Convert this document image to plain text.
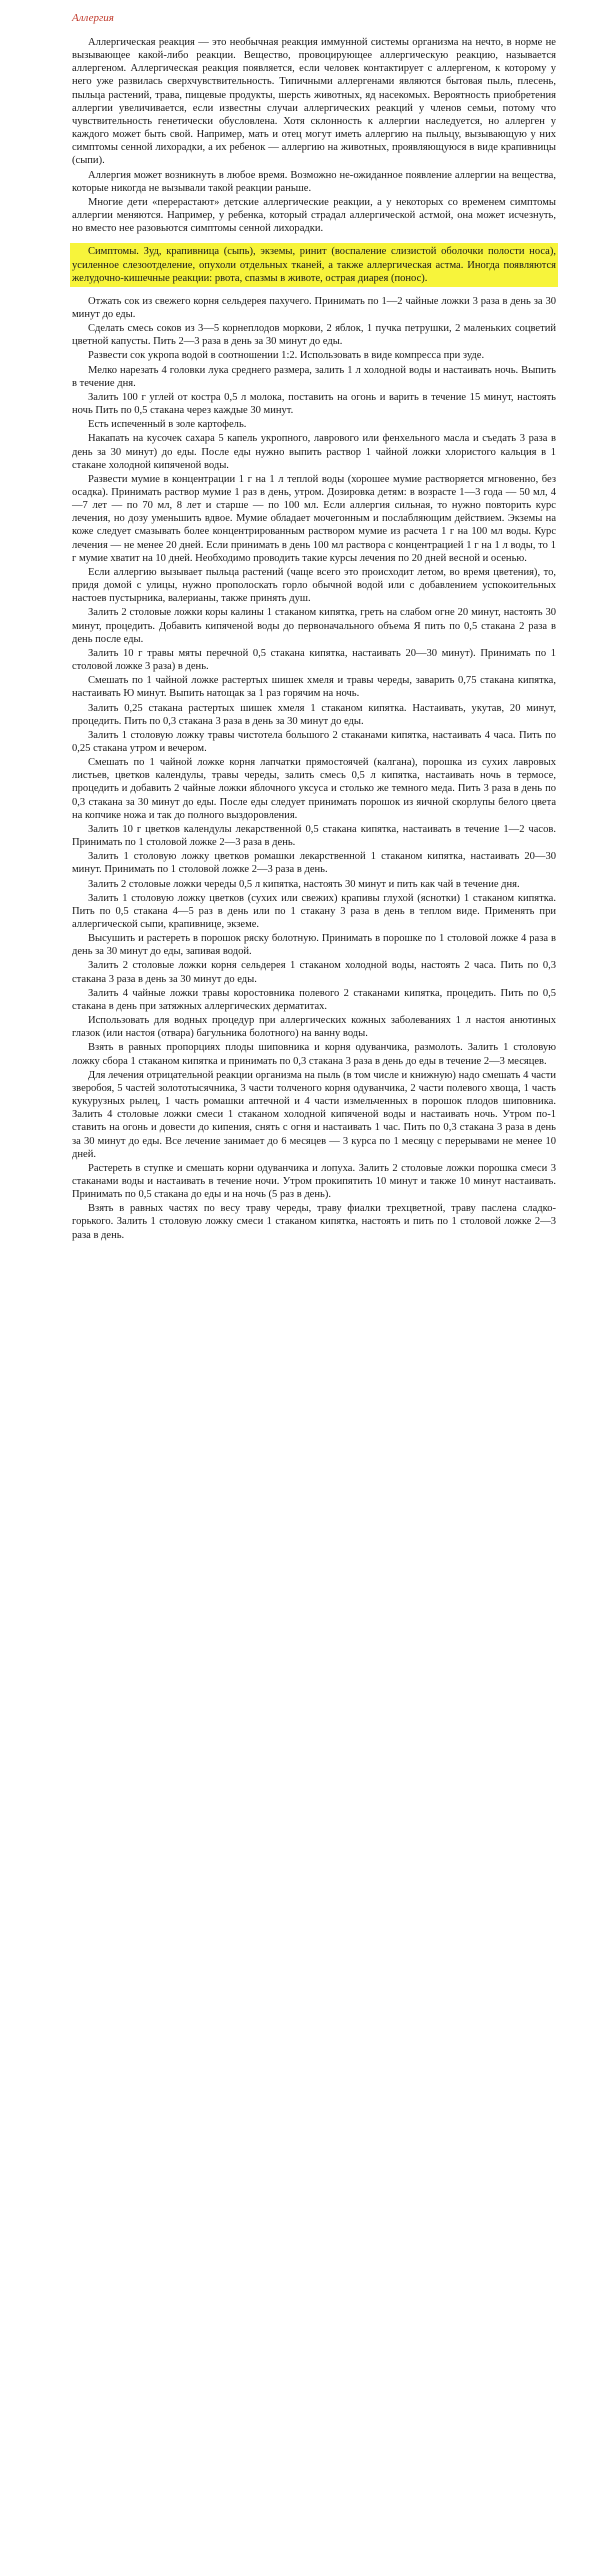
Аллергия

Аллергическая реакция — это необычная реакция иммунной системы организма на нечто, в норме не вызывающее какой-либо реакции. Вещество, провоцирующее аллергическую реакцию, называется аллергеном. Аллергическая реакция появляется, если человек контактирует с аллергеном, к которому у него уже развилась сверхчувствительность. Типичными аллергенами являются бытовая пыль, плесень, пыльца растений, трава, пищевые продукты, шерсть животных, яд насекомых. Вероятность приобретения аллергии увеличивается, если известны случаи аллергических реакций у членов семьи, потому что чувствительность генетически обусловлена. Хотя склонность к аллергии наследуется, но аллерген у каждого может быть свой. Например, мать и отец могут иметь аллергию на пыльцу, вызывающую у них симптомы сенной лихорадки, а их ребенок — аллергию на животных, проявляющуюся в виде крапивницы (сыпи).

Аллергия может возникнуть в любое время. Возможно не-ожиданное появление аллергии на вещества, которые никогда не вызывали такой реакции раньше.

Многие дети «перерастают» детские аллергические реакции, а у некоторых со временем симптомы аллергии меняются. Например, у ребенка, который страдал аллергической астмой, она может исчезнуть, но вместо нее разовьются симптомы сенной лихорадки.

Симптомы. Зуд, крапивница (сыпь), экземы, ринит (воспаление слизистой оболочки полости носа), усиленное слезоотделение, опухоли отдельных тканей, а также аллергическая астма. Иногда появляются желудочно-кишечные реакции: рвота, спазмы в животе, острая диарея (понос).

Отжать сок из свежего корня сельдерея пахучего. Принимать по 1—2 чайные ложки 3 раза в день за 30 минут до еды.

Сделать смесь соков из 3—5 корнеплодов моркови, 2 яблок, 1 пучка петрушки, 2 маленьких соцветий цветной капусты. Пить 2—3 раза в день за 30 минут до еды.

Развести сок укропа водой в соотношении 1:2. Использовать в виде компресса при зуде.

Мелко нарезать 4 головки лука среднего размера, залить 1 л холодной воды и настаивать ночь. Выпить в течение дня.

Залить 100 г углей от костра 0,5 л молока, поставить на огонь и варить в течение 15 минут, настоять ночь Пить по 0,5 стакана через каждые 30 минут.

Есть испеченный в золе картофель.

Накапать на кусочек сахара 5 капель укропного, лаврового или фенхельного масла и съедать 3 раза в день за 30 минут) до еды. После еды нужно выпить раствор 1 чайной ложки хлористого кальция в 1 стакане холодной кипяченой воды.

Развести мумие в концентрации 1 г на 1 л теплой воды (хорошее мумие растворяется мгновенно, без осадка). Принимать раствор мумие 1 раз в день, утром. Дозировка детям: в возрасте 1—3 года — 50 мл, 4—7 лет — по 70 мл, 8 лет и старше — по 100 мл. Если аллергия сильная, то нужно повторить курс лечения, но дозу уменьшить вдвое. Мумие обладает мочегонным и послабляющим действием. Экземы на коже следует смазывать более концентрированным раствором мумие из расчета 1 г на 100 мл воды. Курс лечения — не менее 20 дней. Если принимать в день 100 мл раствора с концентрацией 1 г на 1 л воды, то 1 г мумие хватит на 10 дней. Необходимо проводить такие курсы лечения по 20 дней весной и осенью.

Если аллергию вызывает пыльца растений (чаще всего это происходит летом, во время цветения), то, придя домой с улицы, нужно прополоскать горло обычной водой или с добавлением успокоительных настоев пустырника, валерианы, также принять душ.

Залить 2 столовые ложки коры калины 1 стаканом кипятка, греть на слабом огне 20 минут, настоять 30 минут, процедить. Добавить кипяченой воды до первоначального объема Я пить по 0,5 стакана 2 раза в день после еды.

Залить 10 г травы мяты перечной 0,5 стакана кипятка, настаивать 20—30 минут). Принимать по 1 столовой ложке 3 раза) в день.

Смешать по 1 чайной ложке растертых шишек хмеля и травы череды, заварить 0,75 стакана кипятка, настаивать Ю минут. Выпить натощак за 1 раз горячим на ночь.

Залить 0,25 стакана растертых шишек хмеля 1 стаканом кипятка. Настаивать, укутав, 20 минут, процедить. Пить по 0,3 стакана 3 раза в день за 30 минут до еды.

Залить 1 столовую ложку травы чистотела большого 2 стаканами кипятка, настаивать 4 часа. Пить по 0,25 стакана утром и вечером.

Смешать по 1 чайной ложке корня лапчатки прямостоячей (калгана), порошка из сухих лавровых листьев, цветков календулы, травы череды, залить смесь 0,5 л кипятка, настаивать ночь в термосе, процедить и добавить 2 чайные ложки яблочного уксуса и столько же темного меда. Пить 3 раза в день по 0,3 стакана за 30 минут до еды. После еды следует принимать порошок из яичной скорлупы белого цвета на копчике ножа и так до полного выздоровления.

Залить 10 г цветков календулы лекарственной 0,5 стакана кипятка, настаивать в течение 1—2 часов. Принимать по 1 столовой ложке 2—3 раза в день.

Залить 1 столовую ложку цветков ромашки лекарственной 1 стаканом кипятка, настаивать 20—30 минут. Принимать по 1 столовой ложке 2—3 раза в день.

Залить 2 столовые ложки череды 0,5 л кипятка, настоять 30 минут и пить как чай в течение дня.

Залить 1 столовую ложку цветков (сухих или свежих) крапивы глухой (яснотки) 1 стаканом кипятка. Пить по 0,5 стакана 4—5 раз в день или по 1 стакану 3 раза в день в теплом виде. Применять при аллергической сыпи, крапивнице, экземе.

Высушить и растереть в порошок ряску болотную. Принимать в порошке по 1 столовой ложке 4 раза в день за 30 минут до еды, запивая водой.

Залить 2 столовые ложки корня сельдерея 1 стаканом холодной воды, настоять 2 часа. Пить по 0,3 стакана 3 раза в день за 30 минут до еды.

Залить 4 чайные ложки травы коростовника полевого 2 стаканами кипятка, процедить. Пить по 0,5 стакана в день при затяжных аллергических дерматитах.

Использовать для водных процедур при аллергических кожных заболеваниях 1 л настоя анютиных глазок (или настоя (отвара) багульника болотного) на ванну воды.

Взять в равных пропорциях плоды шиповника и корня одуванчика, размолоть. Залить 1 столовую ложку сбора 1 стаканом кипятка и принимать по 0,3 стакана 3 раза в день до еды в течение 2—3 месяцев.

Для лечения отрицательной реакции организма на пыль (в том числе и книжную) надо смешать 4 части зверобоя, 5 частей золототысячника, 3 части толченого корня одуванчика, 2 части полевого хвоща, 1 часть кукурузных рылец, 1 часть ромашки аптечной и 4 части измельченных в порошок плодов шиповника. Залить 4 столовые ложки смеси 1 стаканом холодной кипяченой воды и настаивать ночь. Утром по-1 ставить на огонь и довести до кипения, снять с огня и настаивать 1 час. Пить по 0,3 стакана 3 раза в день за 30 минут до еды. Все лечение занимает до 6 месяцев — 3 курса по 1 месяцу с перерывами не менее 10 дней.

Растереть в ступке и смешать корни одуванчика и лопуха. Залить 2 столовые ложки порошка смеси 3 стаканами воды и настаивать в течение ночи. Утром прокипятить 10 минут и также 10 минут настаивать. Принимать по 0,5 стакана до еды и на ночь (5 раз в день).

Взять в равных частях по весу траву череды, траву фиалки трехцветной, траву паслена сладко-горького. Залить 1 столовую ложку смеси 1 стаканом кипятка, настоять и пить по 1 столовой ложке 2—3 раза в день.
